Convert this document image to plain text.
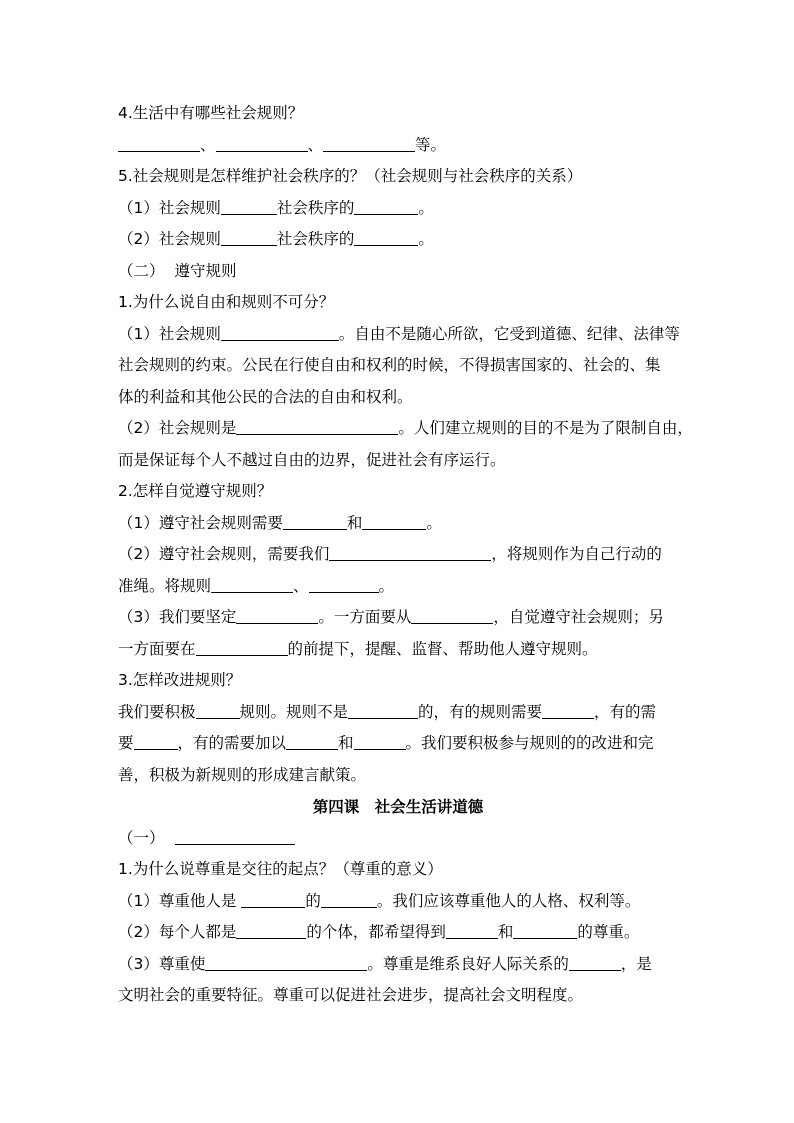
4.生活中有哪些社会规则？
、	、	等。
5.社会规则是怎样维护社会秩序的？（社会规则与社会秩序的关系）
（1）社会规则	社会秩序的	。
（2）社会规则	社会秩序的	。
（二） 遵守规则
1.为什么说自由和规则不可分？
（1）社会规则	。自由不是随心所欲，它受到道德、纪律、法律等
社会规则的约束。公民在行使自由和权利的时候，不得损害国家的、社会的、集
体的利益和其他公民的合法的自由和权利。
（2）社会规则是	。人们建立规则的目的不是为了限制自由，
而是保证每个人不越过自由的边界，促进社会有序运行。
2.怎样自觉遵守规则？
（1）遵守社会规则需要	和	。
（2）遵守社会规则，需要我们	，将规则作为自己行动的
准绳。将规则	、	。
（3）我们要坚定	。一方面要从	，自觉遵守社会规则；另
一方面要在	的前提下，提醒、监督、帮助他人遵守规则。
3.怎样改进规则？
我们要积极	规则。规则不是	的，有的规则需要	，有的需
要	，有的需要加以	和	。我们要积极参与规则的的改进和完
善，积极为新规则的形成建言献策。
第四课　社会生活讲道德
（一）
1.为什么说尊重是交往的起点？（尊重的意义）
（1）尊重他人是	的	。我们应该尊重他人的人格、权利等。
（2）每个人都是	的个体，都希望得到	和	的尊重。
（3）尊重使	。尊重是维系良好人际关系的	，是
文明社会的重要特征。尊重可以促进社会进步，提高社会文明程度。
